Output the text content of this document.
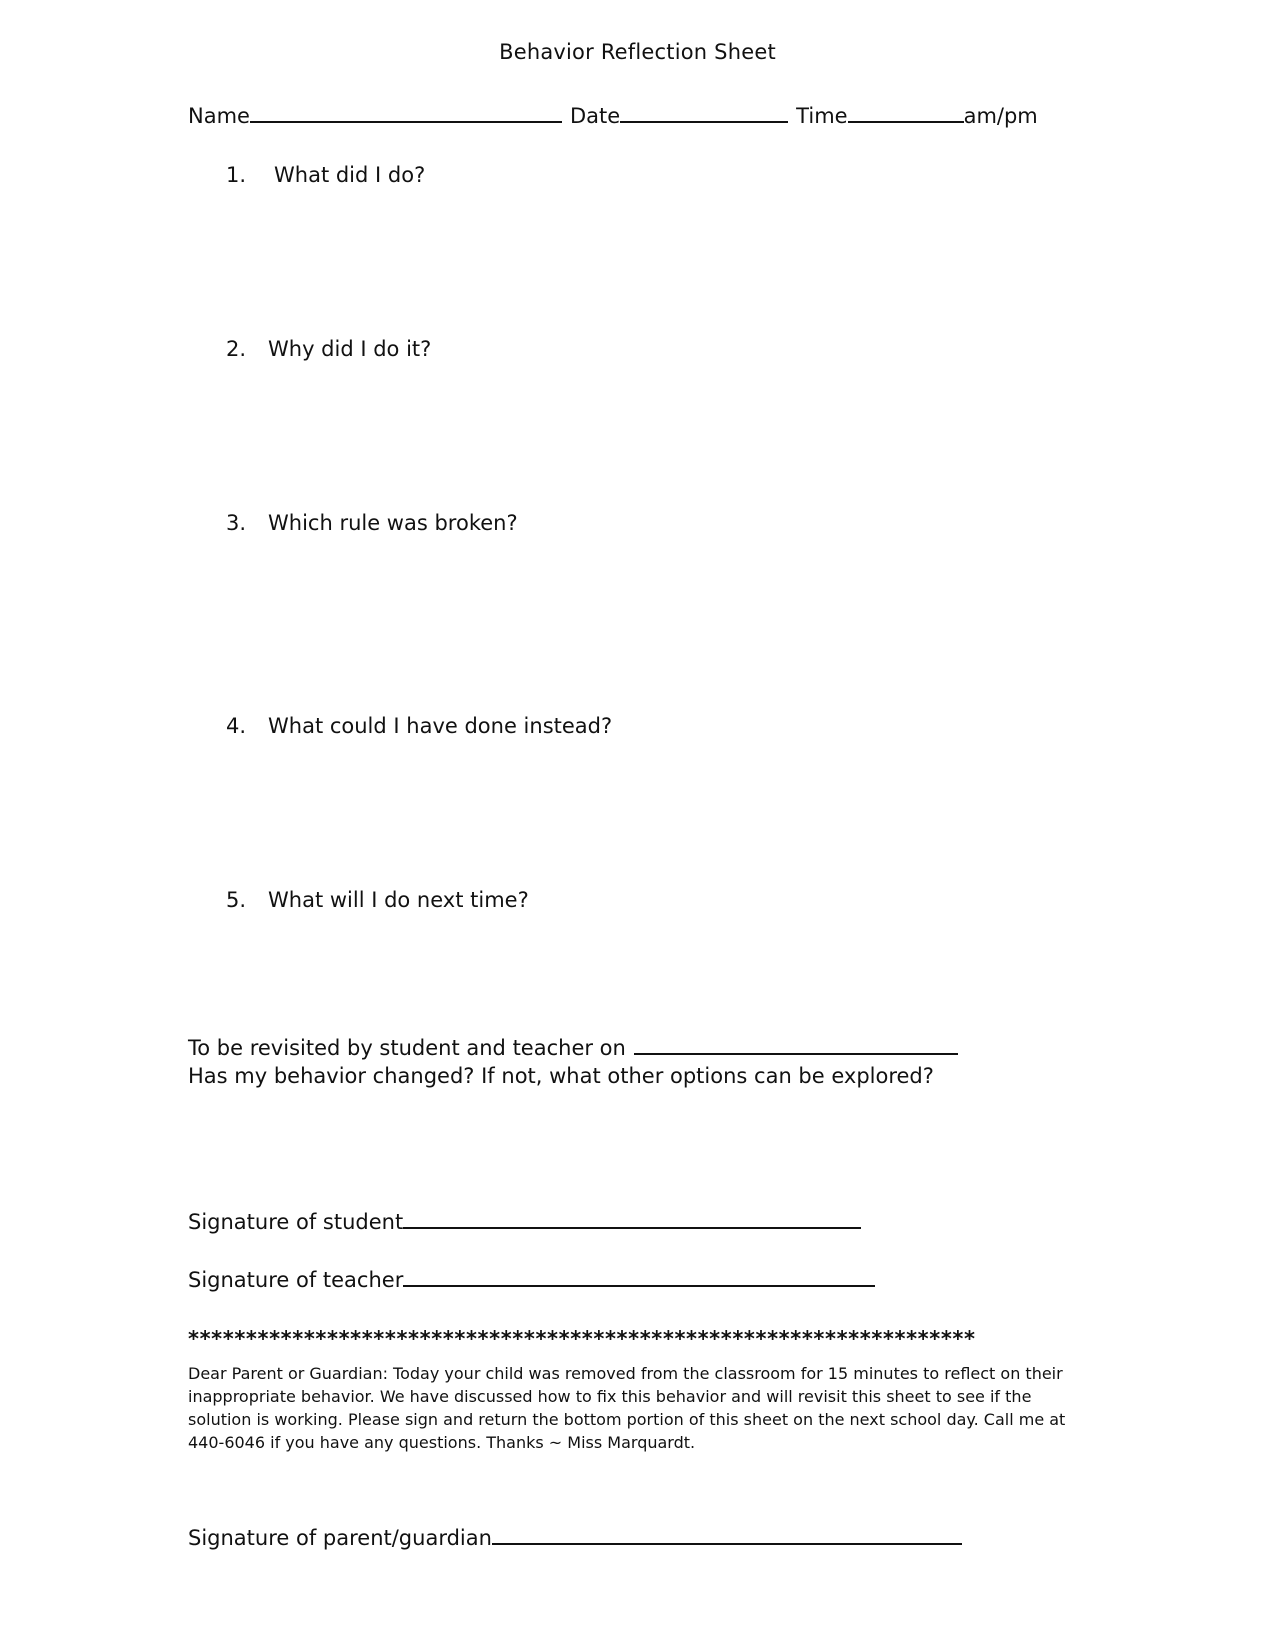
Behavior Reflection Sheet
Name	Date	Time	am/pm
1. What did I do?
2. Why did I do it?
3. Which rule was broken?
4. What could I have done instead?
5. What will I do next time?
To be revisited by student and teacher on
Has my behavior changed? If not, what other options can be explored?
Signature of student
Signature of teacher
********************************************************************
Dear Parent or Guardian: Today your child was removed from the classroom for 15 minutes to reflect on their inappropriate behavior. We have discussed how to fix this behavior and will revisit this sheet to see if the solution is working. Please sign and return the bottom portion of this sheet on the next school day. Call me at 440-6046 if you have any questions. Thanks ~ Miss Marquardt.
Signature of parent/guardian
